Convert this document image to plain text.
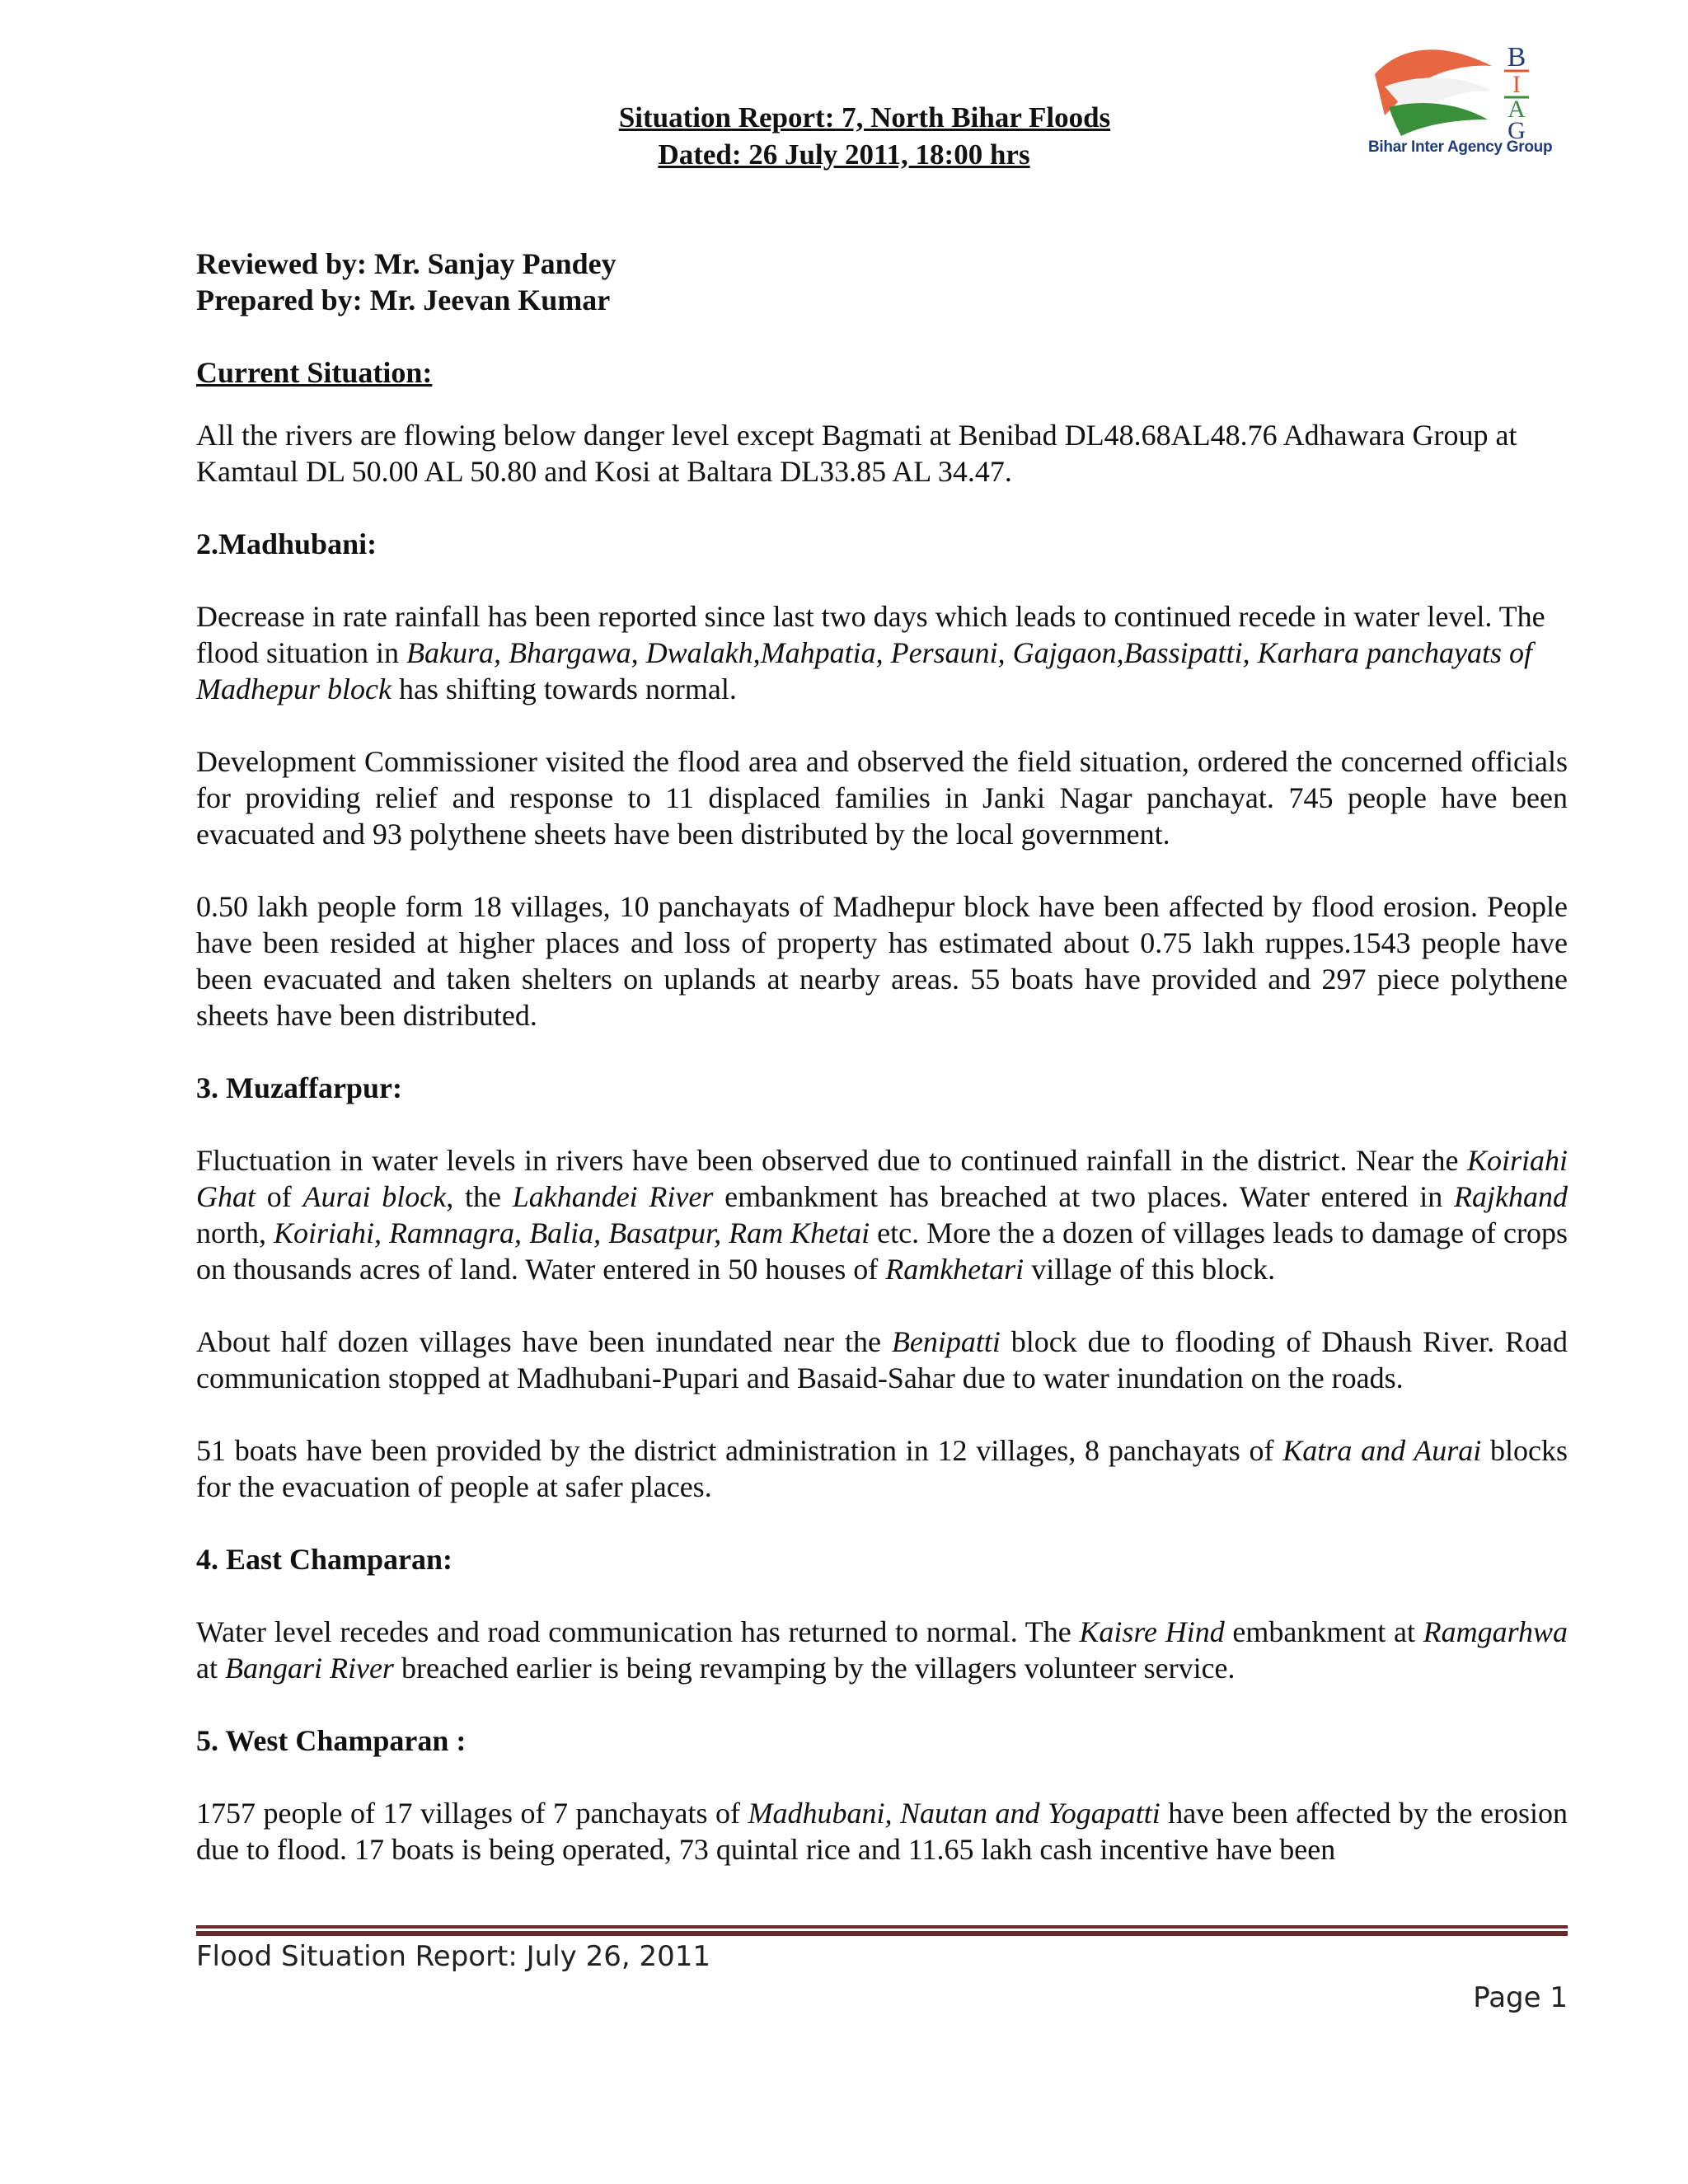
B
I
A
G
Bihar Inter Agency Group
Situation Report: 7, North Bihar Floods
Dated: 26 July 2011, 18:00 hrs

Reviewed by: Mr. Sanjay Pandey

Prepared by: Mr. Jeevan Kumar

Current Situation:

All the rivers are flowing below danger level except Bagmati at Benibad DL48.68AL48.76 Adhawara Group at Kamtaul DL 50.00 AL 50.80 and Kosi at Baltara DL33.85 AL 34.47.

2.Madhubani:

Decrease in rate rainfall has been reported since last two days which leads to continued recede in water level. The flood situation in Bakura, Bhargawa, Dwalakh,Mahpatia, Persauni, Gajgaon,Bassipatti, Karhara panchayats of Madhepur block has shifting towards normal.

Development Commissioner visited the flood area and observed the field situation, ordered the concerned officials for providing relief and response to 11 displaced families in Janki Nagar panchayat. 745 people have been evacuated and 93 polythene sheets have been distributed by the local government.

0.50 lakh people form 18 villages, 10 panchayats of Madhepur block have been affected by flood erosion. People have been resided at higher places and loss of property has estimated about 0.75 lakh ruppes.1543 people have been evacuated and taken shelters on uplands at nearby areas. 55 boats have provided and 297 piece polythene sheets have been distributed.

3. Muzaffarpur:

Fluctuation in water levels in rivers have been observed due to continued rainfall in the district. Near the Koiriahi Ghat of Aurai block, the Lakhandei River embankment has breached at two places. Water entered in Rajkhand north, Koiriahi, Ramnagra, Balia, Basatpur, Ram Khetai etc. More the a dozen of villages leads to damage of crops on thousands acres of land. Water entered in 50 houses of Ramkhetari village of this block.

About half dozen villages have been inundated near the Benipatti block due to flooding of Dhaush River. Road communication stopped at Madhubani-Pupari and Basaid-Sahar due to water inundation on the roads.

51 boats have been provided by the district administration in 12 villages, 8 panchayats of Katra and Aurai blocks for the evacuation of people at safer places.

4. East Champaran:

Water level recedes and road communication has returned to normal. The Kaisre Hind embankment at Ramgarhwa at Bangari River breached earlier is being revamping by the villagers volunteer service.

5. West Champaran :

1757 people of 17 villages of 7 panchayats of Madhubani, Nautan and Yogapatti have been affected by the erosion due to flood. 17 boats is being operated, 73 quintal rice and 11.65 lakh cash incentive have been

Flood Situation Report: July 26, 2011
Page 1
